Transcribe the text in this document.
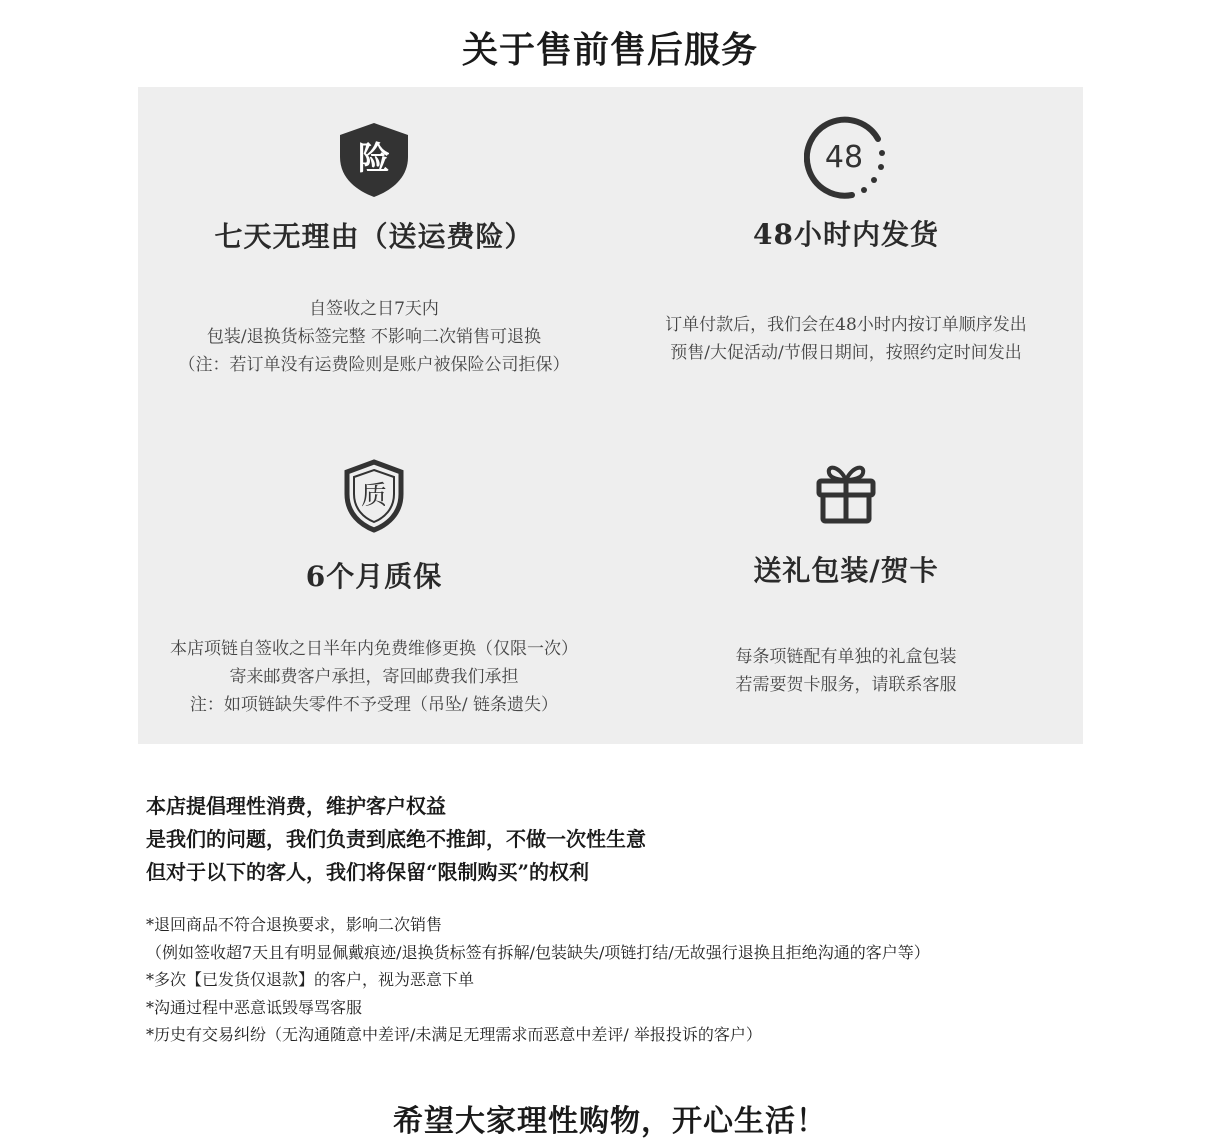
关于售前售后服务
险
七天无理由（送运费险）
自签收之日7天内
包装/退换货标签完整 不影响二次销售可退换
（注：若订单没有运费险则是账户被保险公司拒保）
48
48小时内发货
订单付款后，我们会在48小时内按订单顺序发出
预售/大促活动/节假日期间，按照约定时间发出
质
6个月质保
本店项链自签收之日半年内免费维修更换（仅限一次）
寄来邮费客户承担，寄回邮费我们承担
注：如项链缺失零件不予受理（吊坠/ 链条遗失）
送礼包装/贺卡
每条项链配有单独的礼盒包装
若需要贺卡服务，请联系客服
本店提倡理性消费，维护客户权益
是我们的问题，我们负责到底绝不推卸，不做一次性生意
但对于以下的客人，我们将保留“限制购买”的权利
*退回商品不符合退换要求，影响二次销售
（例如签收超7天且有明显佩戴痕迹/退换货标签有拆解/包装缺失/项链打结/无故强行退换且拒绝沟通的客户等）
*多次【已发货仅退款】的客户，视为恶意下单
*沟通过程中恶意诋毁辱骂客服
*历史有交易纠纷（无沟通随意中差评/未满足无理需求而恶意中差评/ 举报投诉的客户）
希望大家理性购物，开心生活！
